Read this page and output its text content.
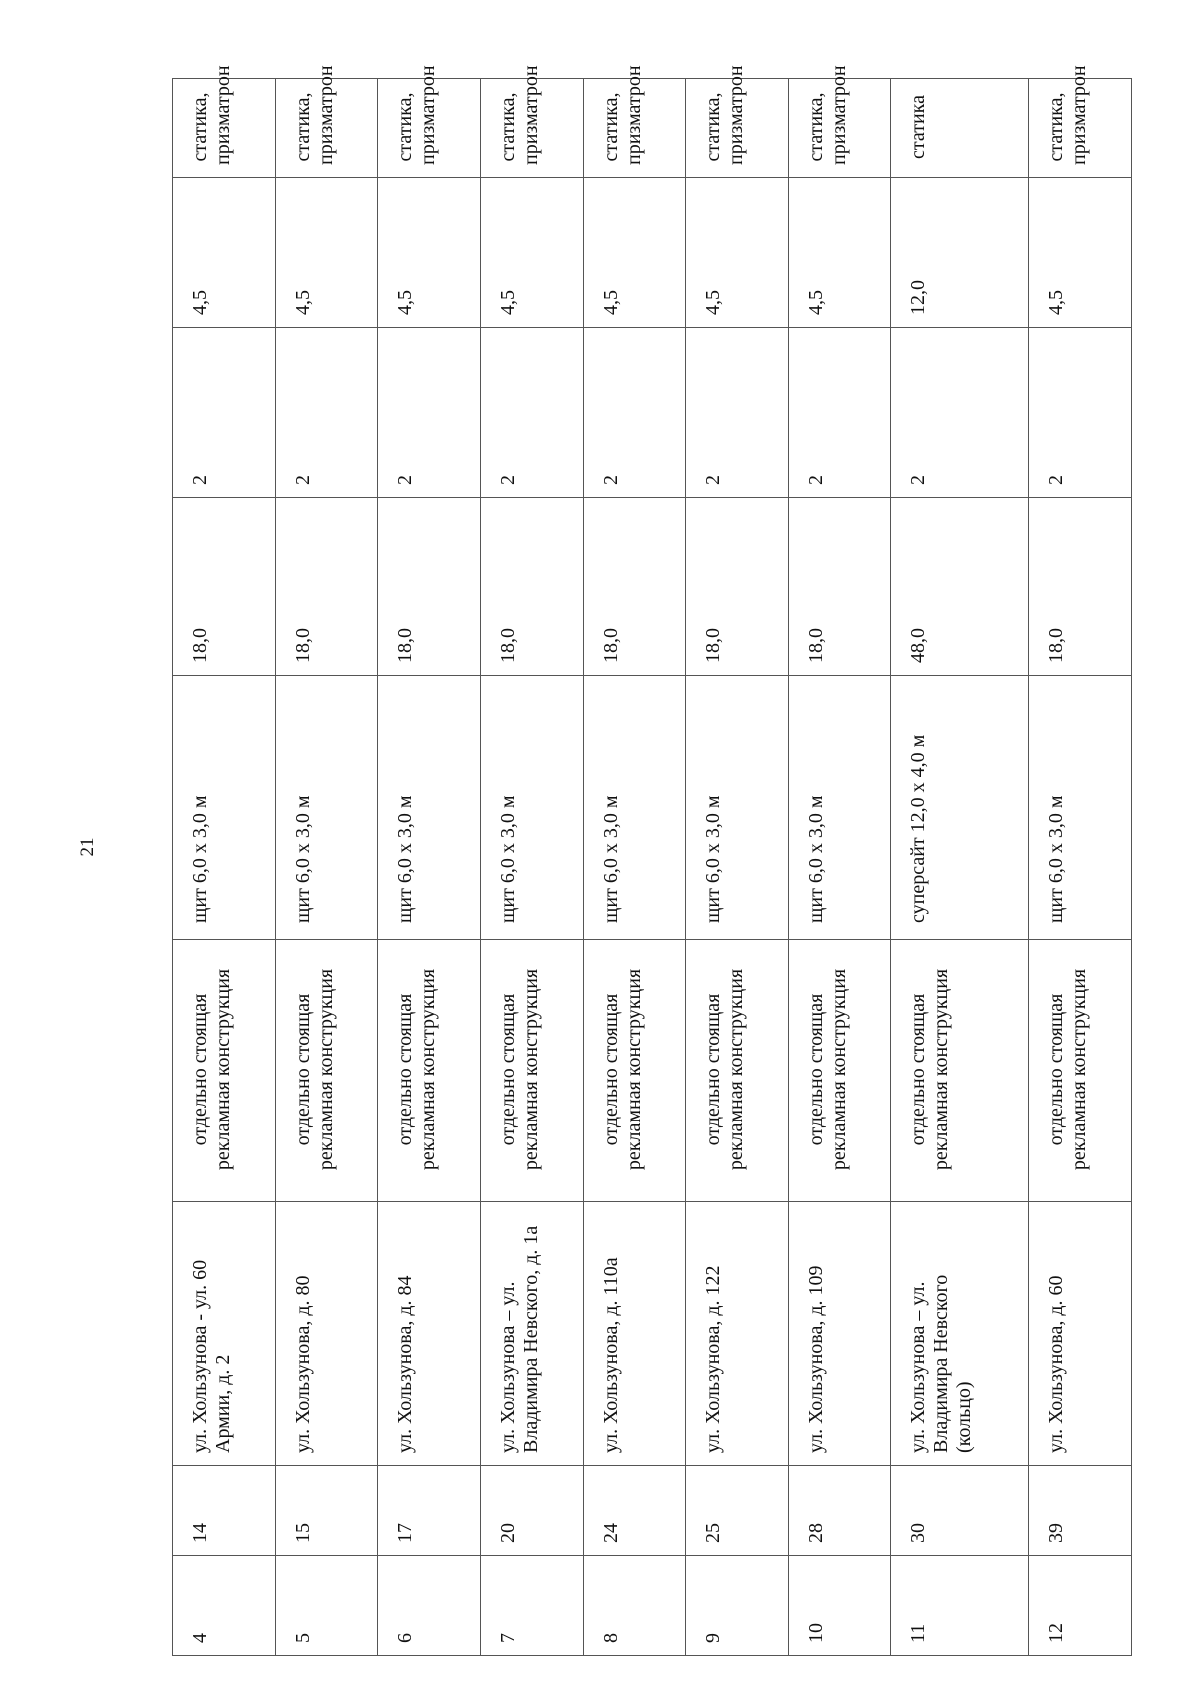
21
4	14	ул. Хользунова - ул. 60 Армии, д. 2	отдельно стоящая рекламная конструкция	щит 6,0 х 3,0 м	18,0	2	4,5	статика, призматрон
5	15	ул. Хользунова, д. 80	отдельно стоящая рекламная конструкция	щит 6,0 х 3,0 м	18,0	2	4,5	статика, призматрон
6	17	ул. Хользунова, д. 84	отдельно стоящая рекламная конструкция	щит 6,0 х 3,0 м	18,0	2	4,5	статика, призматрон
7	20	ул. Хользунова – ул. Владимира Невского, д. 1а	отдельно стоящая рекламная конструкция	щит 6,0 х 3,0 м	18,0	2	4,5	статика, призматрон
8	24	ул. Хользунова, д. 110а	отдельно стоящая рекламная конструкция	щит 6,0 х 3,0 м	18,0	2	4,5	статика, призматрон
9	25	ул. Хользунова, д. 122	отдельно стоящая рекламная конструкция	щит 6,0 х 3,0 м	18,0	2	4,5	статика, призматрон
10	28	ул. Хользунова, д. 109	отдельно стоящая рекламная конструкция	щит 6,0 х 3,0 м	18,0	2	4,5	статика, призматрон
11	30	ул. Хользунова – ул. Владимира Невского (кольцо)	отдельно стоящая рекламная конструкция	суперсайт 12,0 х 4,0 м	48,0	2	12,0	статика
12	39	ул. Хользунова, д. 60	отдельно стоящая рекламная конструкция	щит 6,0 х 3,0 м	18,0	2	4,5	статика, призматрон
